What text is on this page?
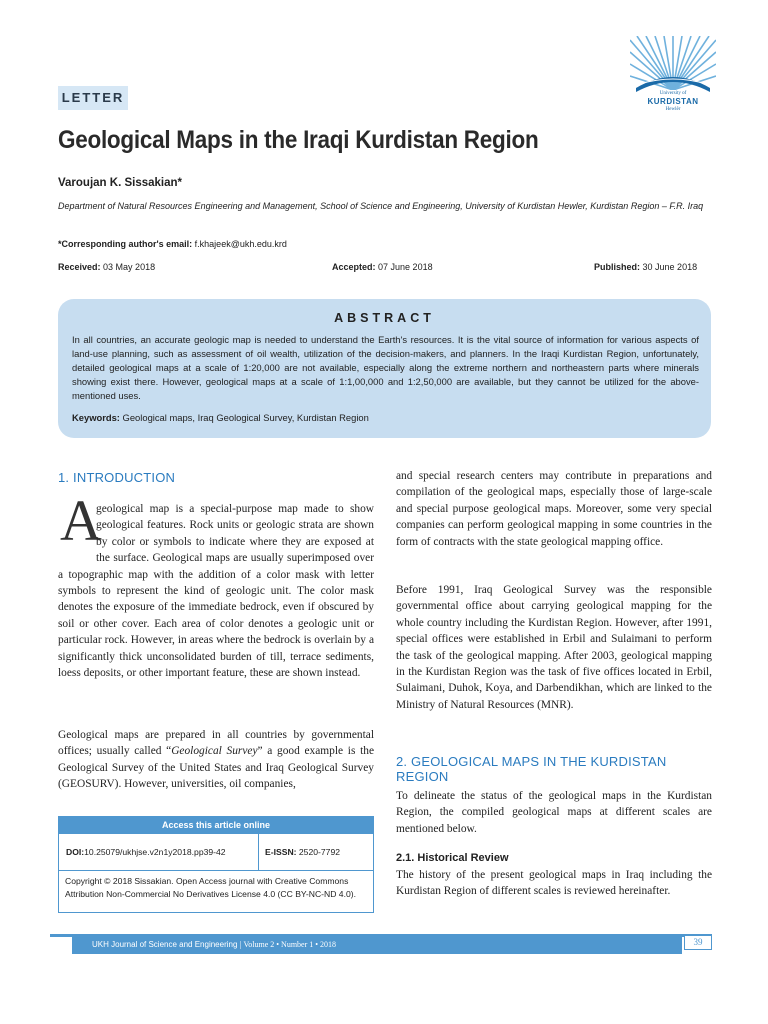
LETTER	University of
KURDISTAN
Hewlêr
Geological Maps in the Iraqi Kurdistan Region
Varoujan K. Sissakian*
Department of Natural Resources Engineering and Management, School of Science and Engineering, University of Kurdistan Hewler, Kurdistan Region – F.R. Iraq
*Corresponding author's email: f.khajeek@ukh.edu.krd
Received: 03 May 2018	Accepted: 07 June 2018	Published: 30 June 2018
ABSTRACT
In all countries, an accurate geologic map is needed to understand the Earth's resources. It is the vital source of information for various aspects of land-use planning, such as assessment of oil wealth, utilization of the decision-makers, and planners. In the Iraqi Kurdistan Region, unfortunately, detailed geological maps at a scale of 1:20,000 are not available, especially along the extreme northern and northeastern parts where minerals showing exist there. However, geological maps at a scale of 1:1,00,000 and 1:2,50,000 are available, but they cannot be utilized for the above-mentioned uses.
Keywords: Geological maps, Iraq Geological Survey, Kurdistan Region
1. INTRODUCTION
A
geological map is a special-purpose map made to show geological features. Rock units or geologic strata are shown by color or symbols to indicate where they are exposed at the surface. Geological maps are usually superimposed over a topographic map with the addition of a color mask with letter symbols to represent the kind of geologic unit. The color mask denotes the exposure of the immediate bedrock, even if obscured by soil or other cover. Each area of color denotes a geologic unit or particular rock. However, in areas where the bedrock is overlain by a significantly thick unconsolidated burden of till, terrace sediments, loess deposits, or other important feature, these are shown instead.
Geological maps are prepared in all countries by governmental offices; usually called “Geological Survey” a good example is the Geological Survey of the United States and Iraq Geological Survey (GEOSURV). However, universities, oil companies,
Access this article online
DOI:10.25079/ukhjse.v2n1y2018.pp39-42	E-ISSN: 2520-7792
Copyright © 2018 Sissakian. Open Access journal with Creative Commons Attribution Non-Commercial No Derivatives License 4.0 (CC BY-NC-ND 4.0).
and special research centers may contribute in preparations and compilation of the geological maps, especially those of large-scale and special purpose geological maps. Moreover, some very special companies can perform geological mapping in some countries in the form of contracts with the state geological mapping office.
Before 1991, Iraq Geological Survey was the responsible governmental office about carrying geological mapping for the whole country including the Kurdistan Region. However, after 1991, special offices were established in Erbil and Sulaimani to perform the task of the geological mapping. After 2003, geological mapping in the Kurdistan Region was the task of five offices located in Erbil, Sulaimani, Duhok, Koya, and Darbendikhan, which are linked to the Ministry of Natural Resources (MNR).
2. GEOLOGICAL MAPS IN THE KURDISTAN REGION
To delineate the status of the geological maps in the Kurdistan Region, the compiled geological maps at different scales are mentioned below.
2.1. Historical Review
The history of the present geological maps in Iraq including the Kurdistan Region of different scales is reviewed hereinafter.
UKH Journal of Science and Engineering | Volume 2 • Number 1 • 2018	39
